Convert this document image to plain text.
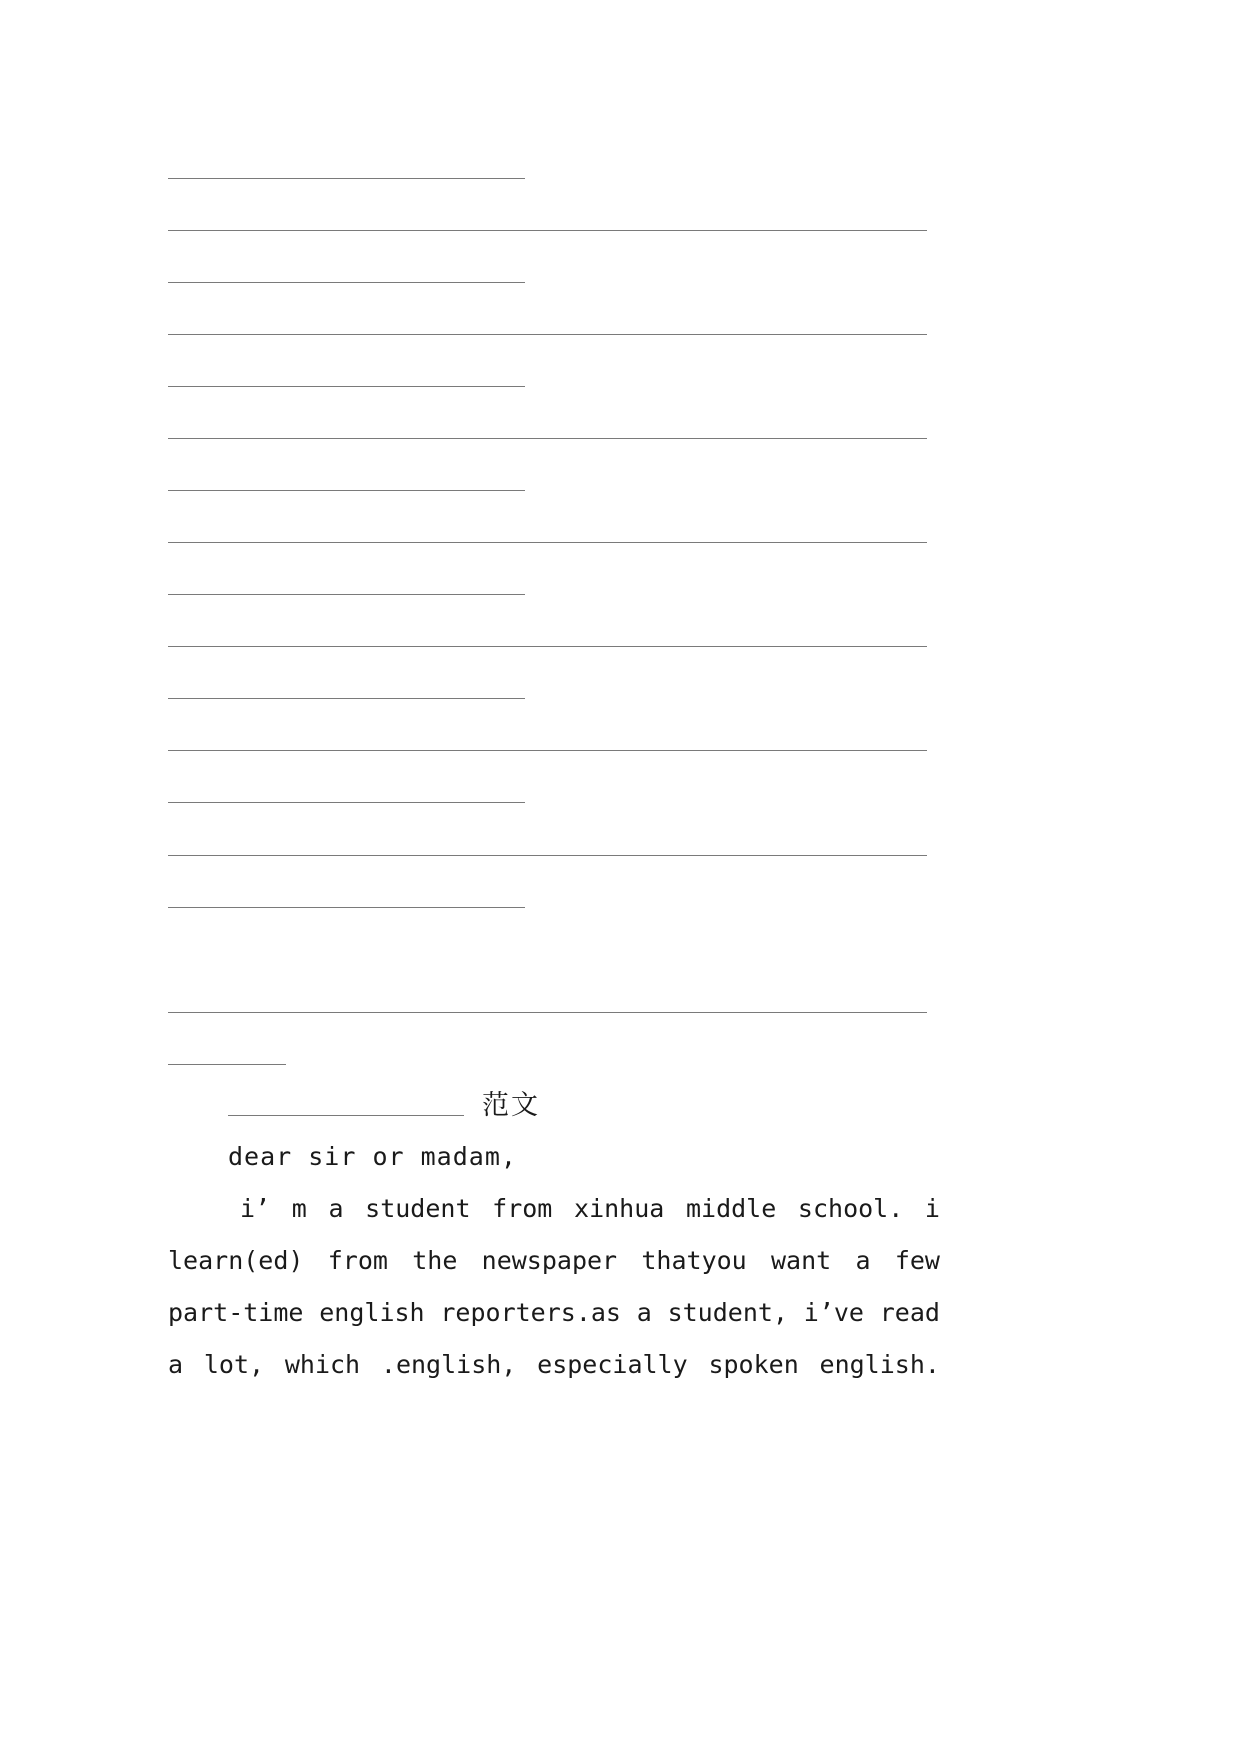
范文
dear sir or madam,
i’ m a student from xinhua middle school. i
learn(ed) from the newspaper thatyou want a few
part-time english reporters.as a student, i’ve read
a lot, which .english, especially spoken english.
